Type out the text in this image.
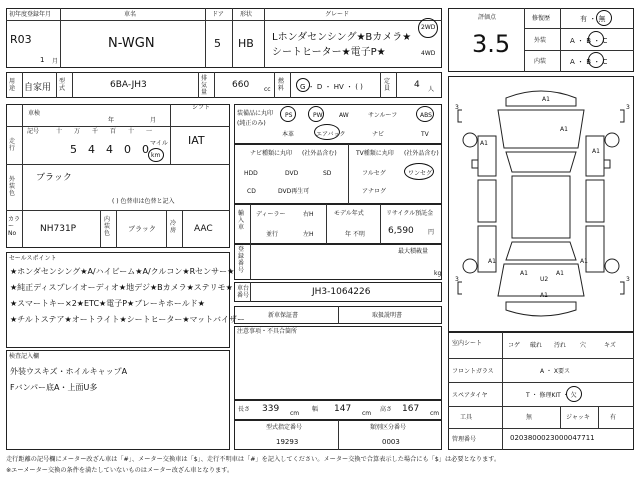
初年度登録年月
R03
1 月
車名
N-WGN
ドア
5
形状
HB
グレード
Lホンダセンシング★Bカメラ★
シートヒーター★電子P★
2WD
4WD
用途 自家用
型式	6BA-JH3
排気量
660 cc
燃料	G ・ D ・ HV ・ ( )
定員	4 人
評価点
3.5
修復歴	有 ・ 無
外装	A ・ B ・ C
内装	A ・ B ・ C
車検
年	月
シフト
IAT
走行
記号	十 万 千 百 十 一
5 4 4 0 0 マイル
km
外装色
ブラック
( ) 色替車は色替と記入
カラーNo	NH731P
内装色
ブラック
冷房	AAC
セールスポイント
★ホンダセンシング★A/ハイビーム★A/クルコン★Rセンサー★
★純正ディスプレイオーディオ★地デジ★Bカメラ★ステリモ★
★スマートキー×2★ETC★電子P★ブレーキホールド★
★チルトステア★オートライト★シートヒーター★マットバイザー
検査記入欄
外装ウスキズ・ホイルキャップA
Fバンパー底A・上面U多
装備品に丸印
(純正のみ)
PS	PW	AW	サンルーフ	ABS
本革	エアバック	ナビ	TV
ナビ種類に丸印 (社外品含む)
HDD	DVD	SD
CD	DVD再生可
TV種類に丸印 (社外品含む)
フルセグ	ワンセグ
アナログ
輸入車
ディーラー
並行
右H
左H
モデル年式
年 不明
リサイクル預託金
6,590 円
登録番号
最大積載量
kg
車台番号	JH3-1064226
新車保証書	取扱説明書
注意事項・不具合箇所
長さ 339 cm
幅 147 cm
高さ 167 cm
型式指定番号
19293
類別区分番号
0003
A1
A1
A1
A1
A1
A1
U2
A1
A1
A1
3	3
3	3
室内シート	コゲ 破れ 汚れ 穴	キズ
フロントガラス	A ・ X要ス
スペアタイヤ	T ・ 修理KIT ・ 欠
工具	無	ジャッキ	有
管理番号	0203800023000047711
走行距離の記号欄にメーター改ざん車は「#」、メーター交換車は「$」、走行不明車は「#」を記入してください。メーター交換で合算表示した場合にも「$」は必要となります。
※エーメーター交換の条件を満たしていないものはメーター改ざん車となります。
